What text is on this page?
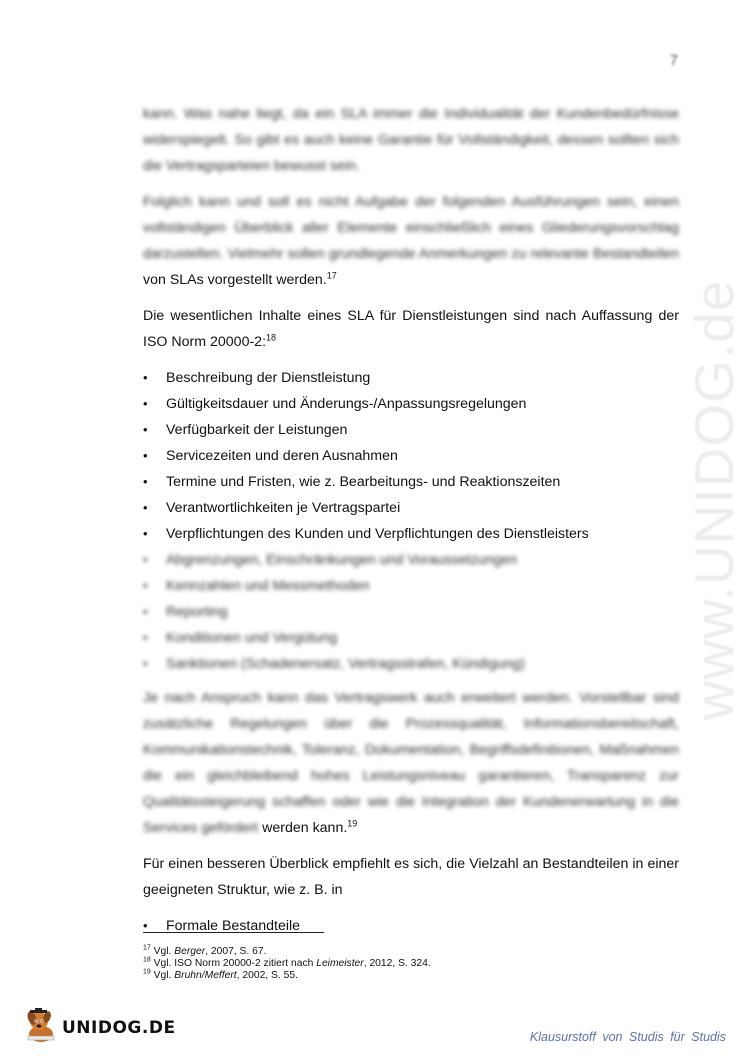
www.UNIDOG.de
7

kann. Was nahe liegt, da ein SLA immer die Individualität der Kundenbedürfnisse widerspiegelt. So gibt es auch keine Garantie für Vollständigkeit, dessen sollten sich die Vertragsparteien bewusst sein.

Folglich kann und soll es nicht Aufgabe der folgenden Ausführungen sein, einen vollständigen Überblick aller Elemente einschließlich eines Gliederungsvorschlag darzustellen. Vielmehr sollen grundlegende Anmerkungen zu relevante Bestandteilen von SLAs vorgestellt werden.$^{17}$

Die wesentlichen Inhalte eines SLA für Dienstleistungen sind nach Auffassung der ISO Norm 20000-2:$^{18}$

• Beschreibung der Dienstleistung
• Gültigkeitsdauer und Änderungs-/Anpassungsregelungen
• Verfügbarkeit der Leistungen
• Servicezeiten und deren Ausnahmen
• Termine und Fristen, wie z. Bearbeitungs- und Reaktionszeiten
• Verantwortlichkeiten je Vertragspartei
• Verpflichtungen des Kunden und Verpflichtungen des Dienstleisters
• Abgrenzungen, Einschränkungen und Voraussetzungen
• Kennzahlen und Messmethoden
• Reporting
• Konditionen und Vergütung
• Sanktionen (Schadenersatz, Vertragsstrafen, Kündigung)

Je nach Anspruch kann das Vertragswerk auch erweitert werden. Vorstellbar sind zusätzliche Regelungen über die Prozessqualität, Informationsbereitschaft, Kommunikationstechnik, Toleranz, Dokumentation, Begriffsdefinitionen, Maßnahmen die ein gleichbleibend hohes Leistungsniveau garantieren, Transparenz zur Qualitätssteigerung schaffen oder wie die Integration der Kundenerwartung in die Services gefördert werden kann.$^{19}$

Für einen besseren Überblick empfiehlt es sich, die Vielzahl an Bestandteilen in einer geeigneten Struktur, wie z. B. in

• Formale Bestandteile
$^{17}$ Vgl. Berger, 2007, S. 67.
$^{18}$ Vgl. ISO Norm 20000-2 zitiert nach Leimeister, 2012, S. 324.
$^{19}$ Vgl. Bruhn/Meffert, 2002, S. 55.
UNIDOG.DE	Klausurstoff von Studis für Studis
